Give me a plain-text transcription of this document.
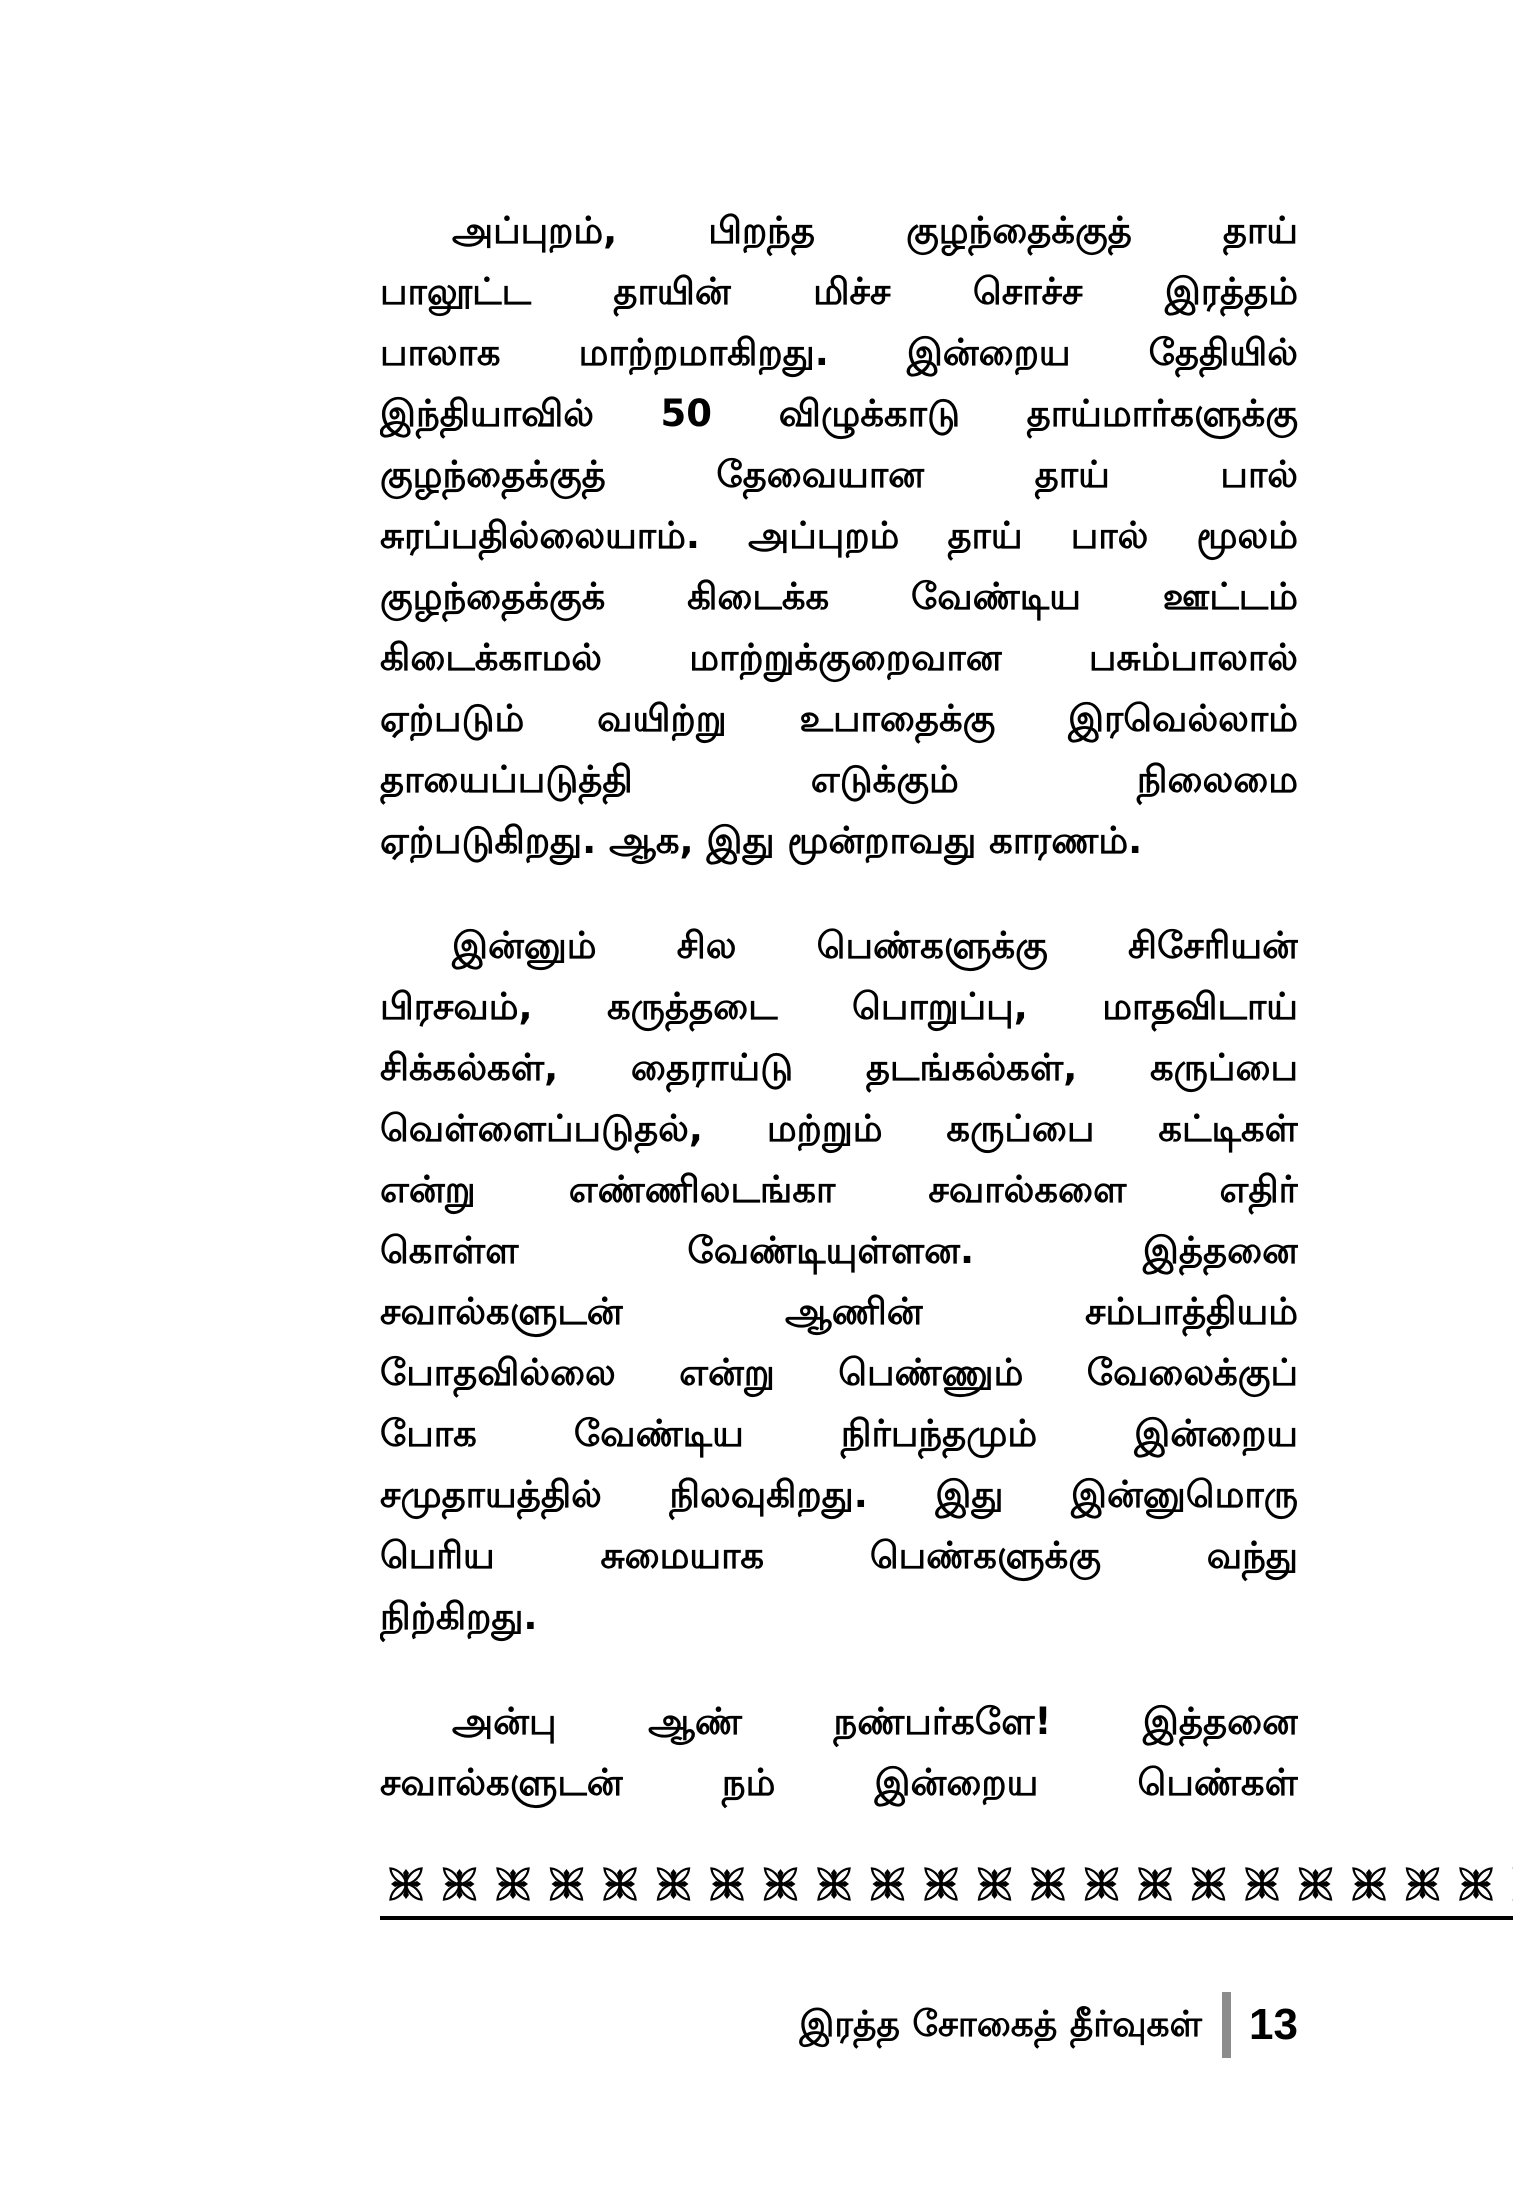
அப்புறம், பிறந்த குழந்தைக்குத் தாய்
பாலூட்ட தாயின் மிச்ச சொச்ச இரத்தம்
பாலாக மாற்றமாகிறது. இன்றைய தேதியில்
இந்தியாவில் 50 விழுக்காடு தாய்மார்களுக்கு
குழந்தைக்குத் தேவையான தாய் பால்
சுரப்பதில்லையாம். அப்புறம் தாய் பால் மூலம்
குழந்தைக்குக் கிடைக்க வேண்டிய ஊட்டம்
கிடைக்காமல் மாற்றுக்குறைவான பசும்பாலால்
ஏற்படும் வயிற்று உபாதைக்கு இரவெல்லாம்
தாயைப்படுத்தி எடுக்கும் நிலைமை
ஏற்படுகிறது. ஆக, இது மூன்றாவது காரணம்.
இன்னும் சில பெண்களுக்கு சிசேரியன்
பிரசவம், கருத்தடை பொறுப்பு, மாதவிடாய்
சிக்கல்கள், தைராய்டு தடங்கல்கள், கருப்பை
வெள்ளைப்படுதல், மற்றும் கருப்பை கட்டிகள்
என்று எண்ணிலடங்கா சவால்களை எதிர்
கொள்ள வேண்டியுள்ளன. இத்தனை
சவால்களுடன் ஆணின் சம்பாத்தியம்
போதவில்லை என்று பெண்ணும் வேலைக்குப்
போக வேண்டிய நிர்பந்தமும் இன்றைய
சமுதாயத்தில் நிலவுகிறது. இது இன்னுமொரு
பெரிய சுமையாக பெண்களுக்கு வந்து
நிற்கிறது.
அன்பு ஆண் நண்பர்களே! இத்தனை
சவால்களுடன் நம் இன்றைய பெண்கள்
இரத்த சோகைத் தீர்வுகள்	13
